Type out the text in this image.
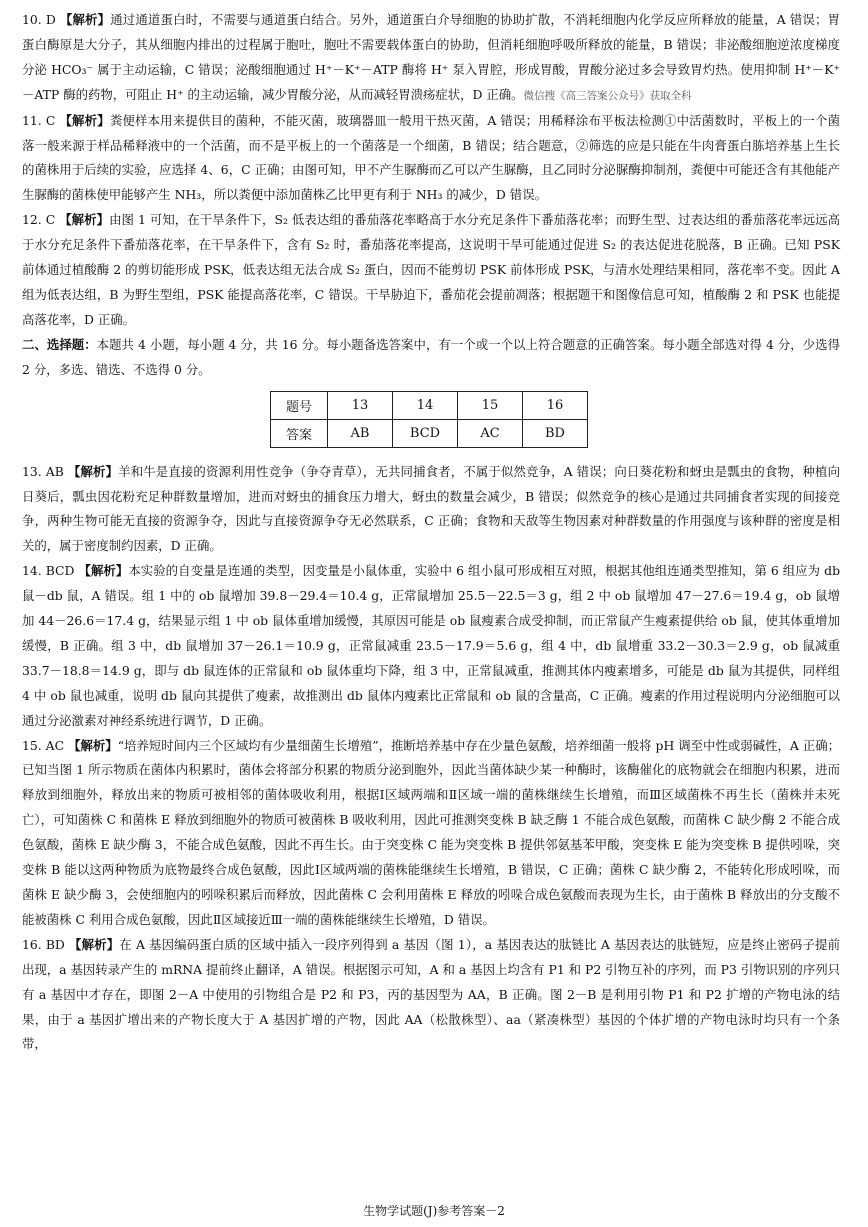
10. D 【解析】通过通道蛋白时，不需要与通道蛋白结合。另外，通道蛋白介导细胞的协助扩散，不消耗细胞内化学反应所释放的能量，A 错误；胃蛋白酶原是大分子，其从细胞内排出的过程属于胞吐，胞吐不需要载体蛋白的协助，但消耗细胞呼吸所释放的能量，B 错误；非泌酸细胞逆浓度梯度分泌 HCO₃⁻ 属于主动运输，C 错误；泌酸细胞通过 H⁺－K⁺－ATP 酶将 H⁺ 泵入胃腔，形成胃酸，胃酸分泌过多会导致胃灼热。使用抑制 H⁺－K⁺－ATP 酶的药物，可阻止 H⁺ 的主动运输，减少胃酸分泌，从而减轻胃溃疡症状，D 正确。微信搜《高三答案公众号》获取全科

11. C 【解析】粪便样本用来提供目的菌种，不能灭菌，玻璃器皿一般用干热灭菌，A 错误；用稀释涂布平板法检测①中活菌数时，平板上的一个菌落一般来源于样品稀释液中的一个活菌，而不是平板上的一个菌落是一个细菌，B 错误；结合题意，②筛选的应是只能在牛肉膏蛋白胨培养基上生长的菌株用于后续的实验，应选择 4、6，C 正确；由图可知，甲不产生脲酶而乙可以产生脲酶，且乙同时分泌脲酶抑制剂，粪便中可能还含有其他能产生脲酶的菌株使甲能够产生 NH₃，所以粪便中添加菌株乙比甲更有利于 NH₃ 的减少，D 错误。

12. C 【解析】由图 1 可知，在干旱条件下，S₂ 低表达组的番茄落花率略高于水分充足条件下番茄落花率；而野生型、过表达组的番茄落花率远远高于水分充足条件下番茄落花率，在干旱条件下，含有 S₂ 时，番茄落花率提高，这说明干旱可能通过促进 S₂ 的表达促进花脱落，B 正确。已知 PSK 前体通过植酸酶 2 的剪切能形成 PSK，低表达组无法合成 S₂ 蛋白，因而不能剪切 PSK 前体形成 PSK，与清水处理结果相同，落花率不变。因此 A 组为低表达组，B 为野生型组，PSK 能提高落花率，C 错误。干旱胁迫下，番茄花会提前凋落；根据题干和图像信息可知，植酸酶 2 和 PSK 也能提高落花率，D 正确。

二、选择题：本题共 4 小题，每小题 4 分，共 16 分。每小题备选答案中，有一个或一个以上符合题意的正确答案。每小题全部选对得 4 分，少选得 2 分，多选、错选、不选得 0 分。

题号	13	14	15	16
答案	AB	BCD	AC	BD

13. AB 【解析】羊和牛是直接的资源利用性竞争（争夺青草），无共同捕食者，不属于似然竞争，A 错误；向日葵花粉和蚜虫是瓢虫的食物，种植向日葵后，瓢虫因花粉充足种群数量增加，进而对蚜虫的捕食压力增大，蚜虫的数量会减少，B 错误；似然竞争的核心是通过共同捕食者实现的间接竞争，两种生物可能无直接的资源争夺，因此与直接资源争夺无必然联系，C 正确；食物和天敌等生物因素对种群数量的作用强度与该种群的密度是相关的，属于密度制约因素，D 正确。

14. BCD 【解析】本实验的自变量是连通的类型，因变量是小鼠体重，实验中 6 组小鼠可形成相互对照，根据其他组连通类型推知，第 6 组应为 db 鼠－db 鼠，A 错误。组 1 中的 ob 鼠增加 39.8－29.4＝10.4 g，正常鼠增加 25.5－22.5＝3 g，组 2 中 ob 鼠增加 47－27.6＝19.4 g，ob 鼠增加 44－26.6＝17.4 g，结果显示组 1 中 ob 鼠体重增加缓慢，其原因可能是 ob 鼠瘦素合成受抑制，而正常鼠产生瘦素提供给 ob 鼠，使其体重增加缓慢，B 正确。组 3 中，db 鼠增加 37－26.1＝10.9 g，正常鼠减重 23.5－17.9＝5.6 g，组 4 中，db 鼠增重 33.2－30.3＝2.9 g，ob 鼠减重 33.7－18.8＝14.9 g，即与 db 鼠连体的正常鼠和 ob 鼠体重均下降，组 3 中，正常鼠减重，推测其体内瘦素增多，可能是 db 鼠为其提供，同样组 4 中 ob 鼠也减重，说明 db 鼠向其提供了瘦素，故推测出 db 鼠体内瘦素比正常鼠和 ob 鼠的含量高，C 正确。瘦素的作用过程说明内分泌细胞可以通过分泌激素对神经系统进行调节，D 正确。

15. AC 【解析】“培养短时间内三个区域均有少量细菌生长增殖”，推断培养基中存在少量色氨酸，培养细菌一般将 pH 调至中性或弱碱性，A 正确；已知当图 1 所示物质在菌体内积累时，菌体会将部分积累的物质分泌到胞外，因此当菌体缺少某一种酶时，该酶催化的底物就会在细胞内积累，进而释放到细胞外，释放出来的物质可被相邻的菌体吸收利用，根据Ⅰ区域两端和Ⅱ区域一端的菌株继续生长增殖，而Ⅲ区域菌株不再生长（菌株并未死亡），可知菌株 C 和菌株 E 释放到细胞外的物质可被菌株 B 吸收利用，因此可推测突变株 B 缺乏酶 1 不能合成色氨酸，而菌株 C 缺少酶 2 不能合成色氨酸，菌株 E 缺少酶 3，不能合成色氨酸，因此不再生长。由于突变株 C 能为突变株 B 提供邻氨基苯甲酸，突变株 E 能为突变株 B 提供吲哚，突变株 B 能以这两种物质为底物最终合成色氨酸，因此Ⅰ区域两端的菌株能继续生长增殖，B 错误，C 正确；菌株 C 缺少酶 2，不能转化形成吲哚，而菌株 E 缺少酶 3，会使细胞内的吲哚积累后而释放，因此菌株 C 会利用菌株 E 释放的吲哚合成色氨酸而表现为生长，由于菌株 B 释放出的分支酸不能被菌株 C 利用合成色氨酸，因此Ⅱ区域接近Ⅲ一端的菌株能继续生长增殖，D 错误。

16. BD 【解析】在 A 基因编码蛋白质的区域中插入一段序列得到 a 基因（图 1），a 基因表达的肽链比 A 基因表达的肽链短，应是终止密码子提前出现，a 基因转录产生的 mRNA 提前终止翻译，A 错误。根据图示可知，A 和 a 基因上均含有 P1 和 P2 引物互补的序列，而 P3 引物识别的序列只有 a 基因中才存在，即图 2－A 中使用的引物组合是 P2 和 P3，丙的基因型为 AA，B 正确。图 2－B 是利用引物 P1 和 P2 扩增的产物电泳的结果，由于 a 基因扩增出来的产物长度大于 A 基因扩增的产物，因此 AA（松散株型）、aa（紧凑株型）基因的个体扩增的产物电泳时均只有一个条带，

生物学试题(J)参考答案－2
